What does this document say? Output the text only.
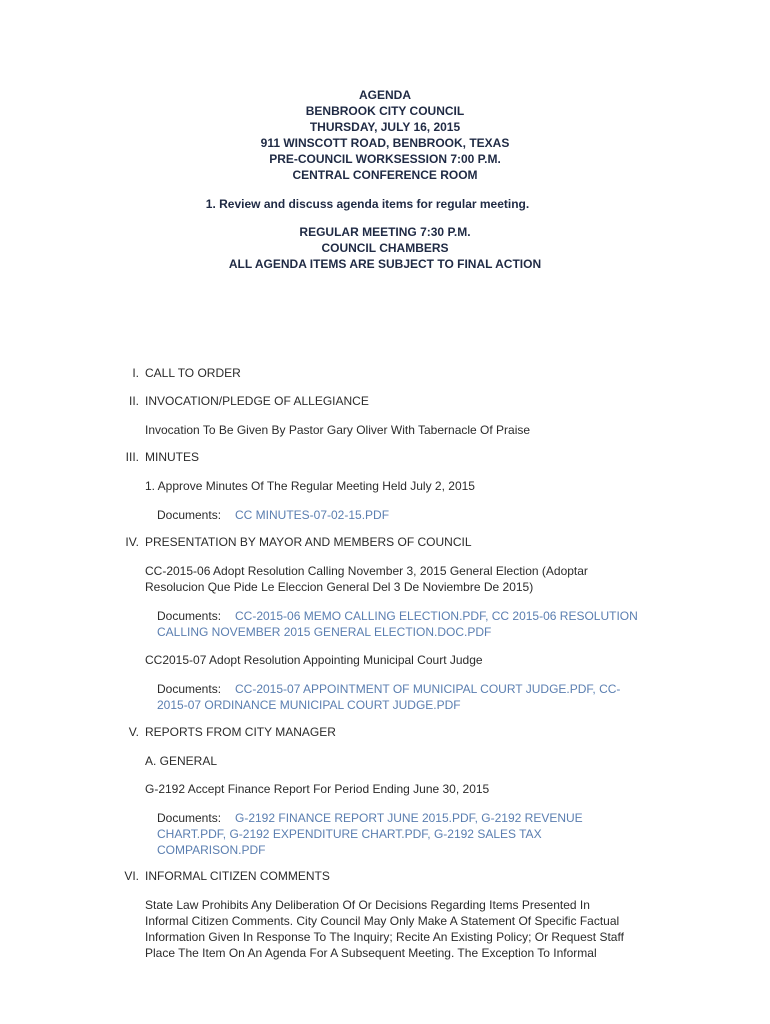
AGENDA
BENBROOK CITY COUNCIL
THURSDAY, JULY 16, 2015
911 WINSCOTT ROAD, BENBROOK, TEXAS
PRE-COUNCIL WORKSESSION 7:00 P.M.
CENTRAL CONFERENCE ROOM
1. Review and discuss agenda items for regular meeting.
REGULAR MEETING 7:30 P.M.
COUNCIL CHAMBERS
ALL AGENDA ITEMS ARE SUBJECT TO FINAL ACTION
I. CALL TO ORDER
II. INVOCATION/PLEDGE OF ALLEGIANCE
Invocation To Be Given By Pastor Gary Oliver With Tabernacle Of Praise
III. MINUTES
1. Approve Minutes Of The Regular Meeting Held July 2, 2015
Documents: CC MINUTES-07-02-15.PDF
IV. PRESENTATION BY MAYOR AND MEMBERS OF COUNCIL
CC-2015-06 Adopt Resolution Calling November 3, 2015 General Election (Adoptar
Resolucion Que Pide Le Eleccion General Del 3 De Noviembre De 2015)
Documents: CC-2015-06 MEMO CALLING ELECTION.PDF, CC 2015-06 RESOLUTION
CALLING NOVEMBER 2015 GENERAL ELECTION.DOC.PDF
CC2015-07 Adopt Resolution Appointing Municipal Court Judge
Documents: CC-2015-07 APPOINTMENT OF MUNICIPAL COURT JUDGE.PDF, CC-
2015-07 ORDINANCE MUNICIPAL COURT JUDGE.PDF
V. REPORTS FROM CITY MANAGER
A. GENERAL
G-2192 Accept Finance Report For Period Ending June 30, 2015
Documents: G-2192 FINANCE REPORT JUNE 2015.PDF, G-2192 REVENUE
CHART.PDF, G-2192 EXPENDITURE CHART.PDF, G-2192 SALES TAX
COMPARISON.PDF
VI. INFORMAL CITIZEN COMMENTS
State Law Prohibits Any Deliberation Of Or Decisions Regarding Items Presented In
Informal Citizen Comments. City Council May Only Make A Statement Of Specific Factual
Information Given In Response To The Inquiry; Recite An Existing Policy; Or Request Staff
Place The Item On An Agenda For A Subsequent Meeting. The Exception To Informal
